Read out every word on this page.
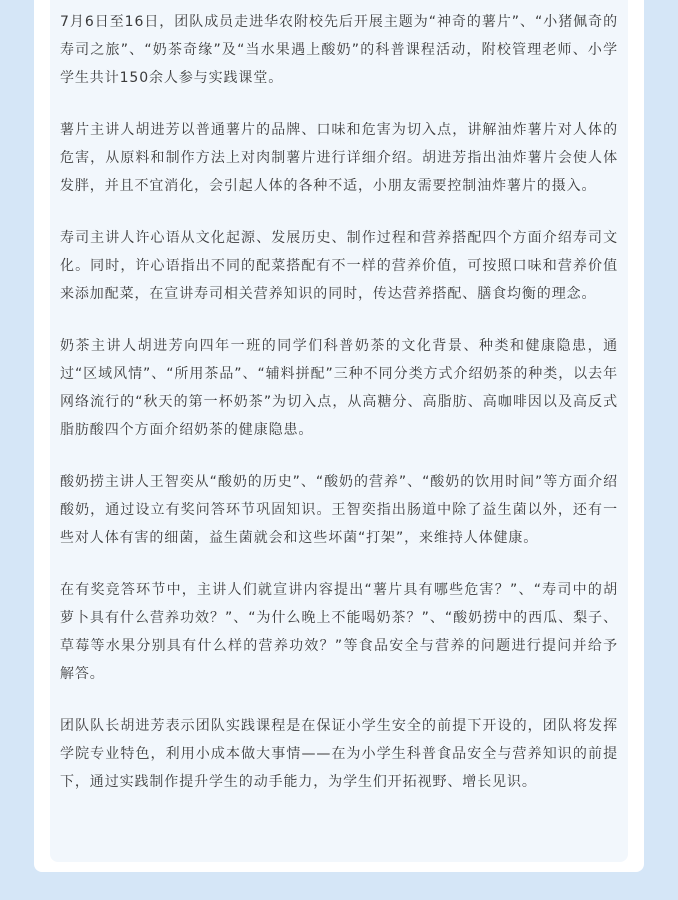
7月6日至16日，团队成员走进华农附校先后开展主题为“神奇的薯片”、“小猪佩奇的寿司之旅”、“奶茶奇缘”及“当水果遇上酸奶”的科普课程活动，附校管理老师、小学学生共计150余人参与实践课堂。

薯片主讲人胡进芳以普通薯片的品牌、口味和危害为切入点，讲解油炸薯片对人体的危害，从原料和制作方法上对肉制薯片进行详细介绍。胡进芳指出油炸薯片会使人体发胖，并且不宜消化，会引起人体的各种不适，小朋友需要控制油炸薯片的摄入。

寿司主讲人许心语从文化起源、发展历史、制作过程和营养搭配四个方面介绍寿司文化。同时，许心语指出不同的配菜搭配有不一样的营养价值，可按照口味和营养价值来添加配菜，在宣讲寿司相关营养知识的同时，传达营养搭配、膳食均衡的理念。

奶茶主讲人胡进芳向四年一班的同学们科普奶茶的文化背景、种类和健康隐患，通过“区域风情”、“所用茶品”、“辅料拼配”三种不同分类方式介绍奶茶的种类，以去年网络流行的“秋天的第一杯奶茶”为切入点，从高糖分、高脂肪、高咖啡因以及高反式脂肪酸四个方面介绍奶茶的健康隐患。

酸奶捞主讲人王智奕从“酸奶的历史”、“酸奶的营养”、“酸奶的饮用时间”等方面介绍酸奶，通过设立有奖问答环节巩固知识。王智奕指出肠道中除了益生菌以外，还有一些对人体有害的细菌，益生菌就会和这些坏菌“打架”，来维持人体健康。

在有奖竞答环节中，主讲人们就宣讲内容提出“薯片具有哪些危害？”、“寿司中的胡萝卜具有什么营养功效？”、“为什么晚上不能喝奶茶？”、“酸奶捞中的西瓜、梨子、草莓等水果分别具有什么样的营养功效？”等食品安全与营养的问题进行提问并给予解答。

团队队长胡进芳表示团队实践课程是在保证小学生安全的前提下开设的，团队将发挥学院专业特色，利用小成本做大事情——在为小学生科普食品安全与营养知识的前提下，通过实践制作提升学生的动手能力，为学生们开拓视野、增长见识。
